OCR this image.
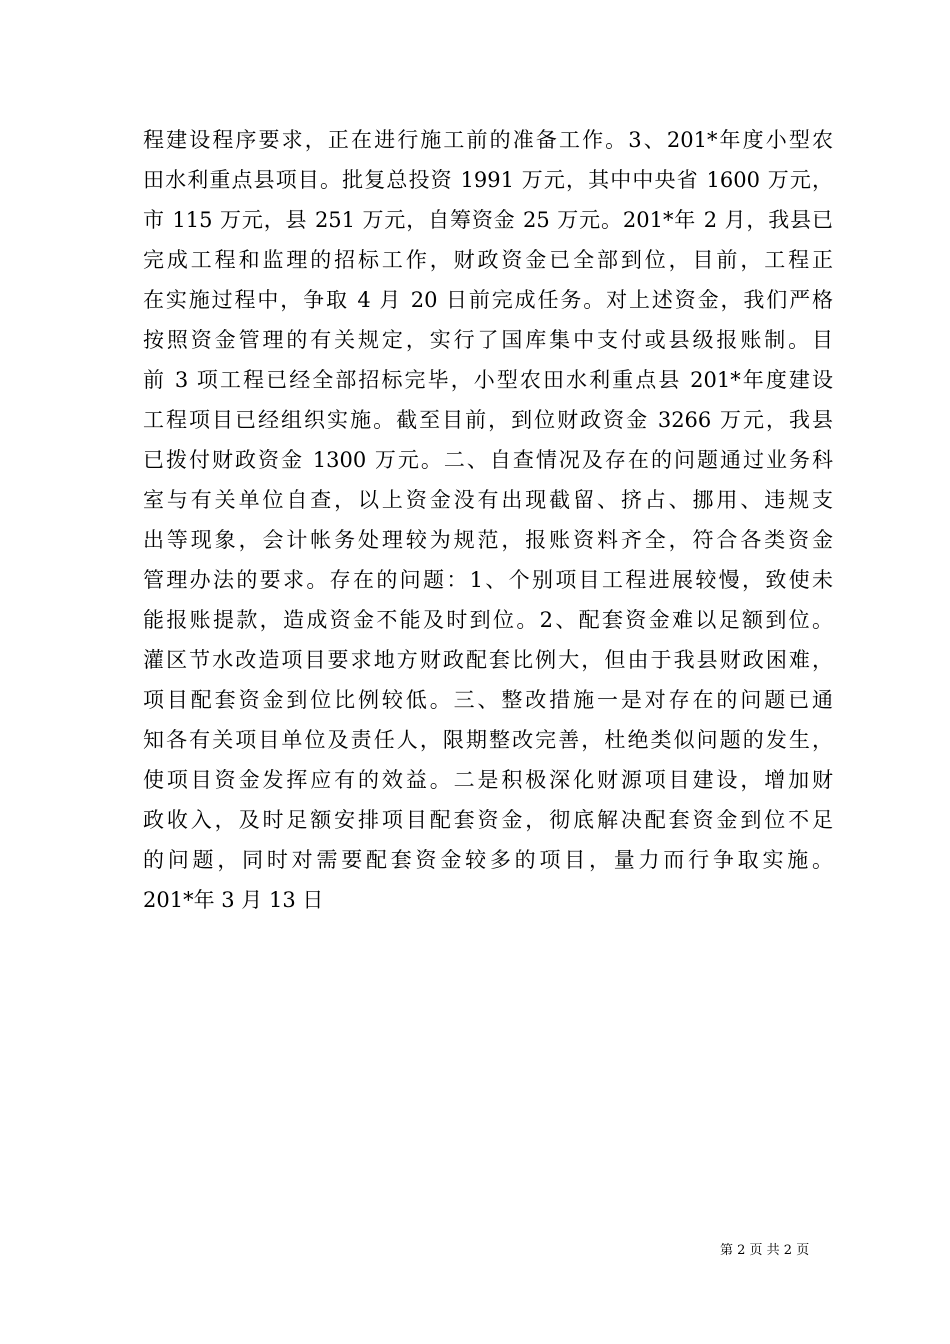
程建设程序要求，正在进行施工前的准备工作。3、201*年度小型农
田水利重点县项目。批复总投资 1991 万元，其中中央省 1600 万元，
市 115 万元，县 251 万元，自筹资金 25 万元。201*年 2 月，我县已
完成工程和监理的招标工作，财政资金已全部到位，目前，工程正
在实施过程中，争取 4 月 20 日前完成任务。对上述资金，我们严格
按照资金管理的有关规定，实行了国库集中支付或县级报账制。目
前 3 项工程已经全部招标完毕，小型农田水利重点县 201*年度建设
工程项目已经组织实施。截至目前，到位财政资金 3266 万元，我县
已拨付财政资金 1300 万元。二、自查情况及存在的问题通过业务科
室与有关单位自查，以上资金没有出现截留、挤占、挪用、违规支
出等现象，会计帐务处理较为规范，报账资料齐全，符合各类资金
管理办法的要求。存在的问题：1、个别项目工程进展较慢，致使未
能报账提款，造成资金不能及时到位。2、配套资金难以足额到位。
灌区节水改造项目要求地方财政配套比例大，但由于我县财政困难，
项目配套资金到位比例较低。三、整改措施一是对存在的问题已通
知各有关项目单位及责任人，限期整改完善，杜绝类似问题的发生，
使项目资金发挥应有的效益。二是积极深化财源项目建设，增加财
政收入，及时足额安排项目配套资金，彻底解决配套资金到位不足
的问题，同时对需要配套资金较多的项目，量力而行争取实施。
201*年 3 月 13 日
第 2 页 共 2 页
